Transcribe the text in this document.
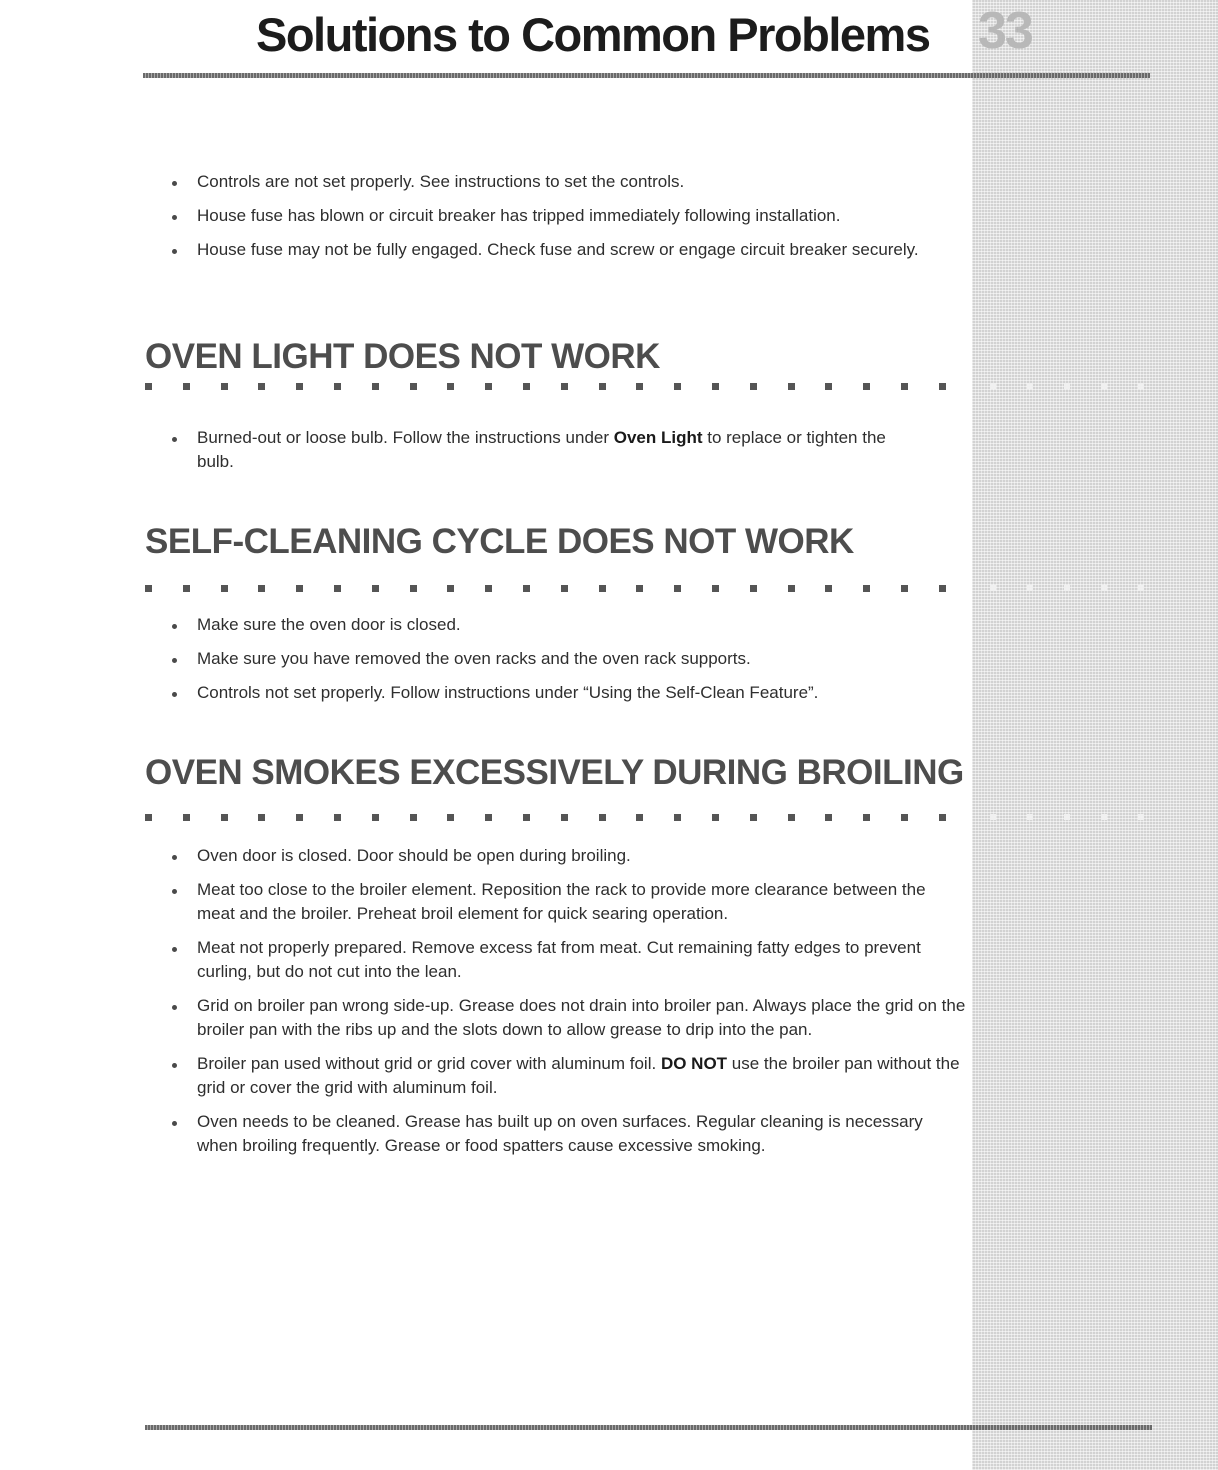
33
Solutions to Common Problems
Controls are not set properly. See instructions to set the controls.
House fuse has blown or circuit breaker has tripped immediately following installation.
House fuse may not be fully engaged. Check fuse and screw or engage circuit breaker securely.
OVEN LIGHT DOES NOT WORK
Burned-out or loose bulb. Follow the instructions under Oven Light to replace or tighten the bulb.
SELF-CLEANING CYCLE DOES NOT WORK
Make sure the oven door is closed.
Make sure you have removed the oven racks and the oven rack supports.
Controls not set properly. Follow instructions under “Using the Self-Clean Feature”.
OVEN SMOKES EXCESSIVELY DURING BROILING
Oven door is closed. Door should be open during broiling.
Meat too close to the broiler element. Reposition the rack to provide more clearance between the meat and the broiler. Preheat broil element for quick searing operation.
Meat not properly prepared. Remove excess fat from meat. Cut remaining fatty edges to prevent curling, but do not cut into the lean.
Grid on broiler pan wrong side-up. Grease does not drain into broiler pan. Always place the grid on the broiler pan with the ribs up and the slots down to allow grease to drip into the pan.
Broiler pan used without grid or grid cover with aluminum foil. DO NOT use the broiler pan without the grid or cover the grid with aluminum foil.
Oven needs to be cleaned. Grease has built up on oven surfaces. Regular cleaning is necessary when broiling frequently. Grease or food spatters cause excessive smoking.
